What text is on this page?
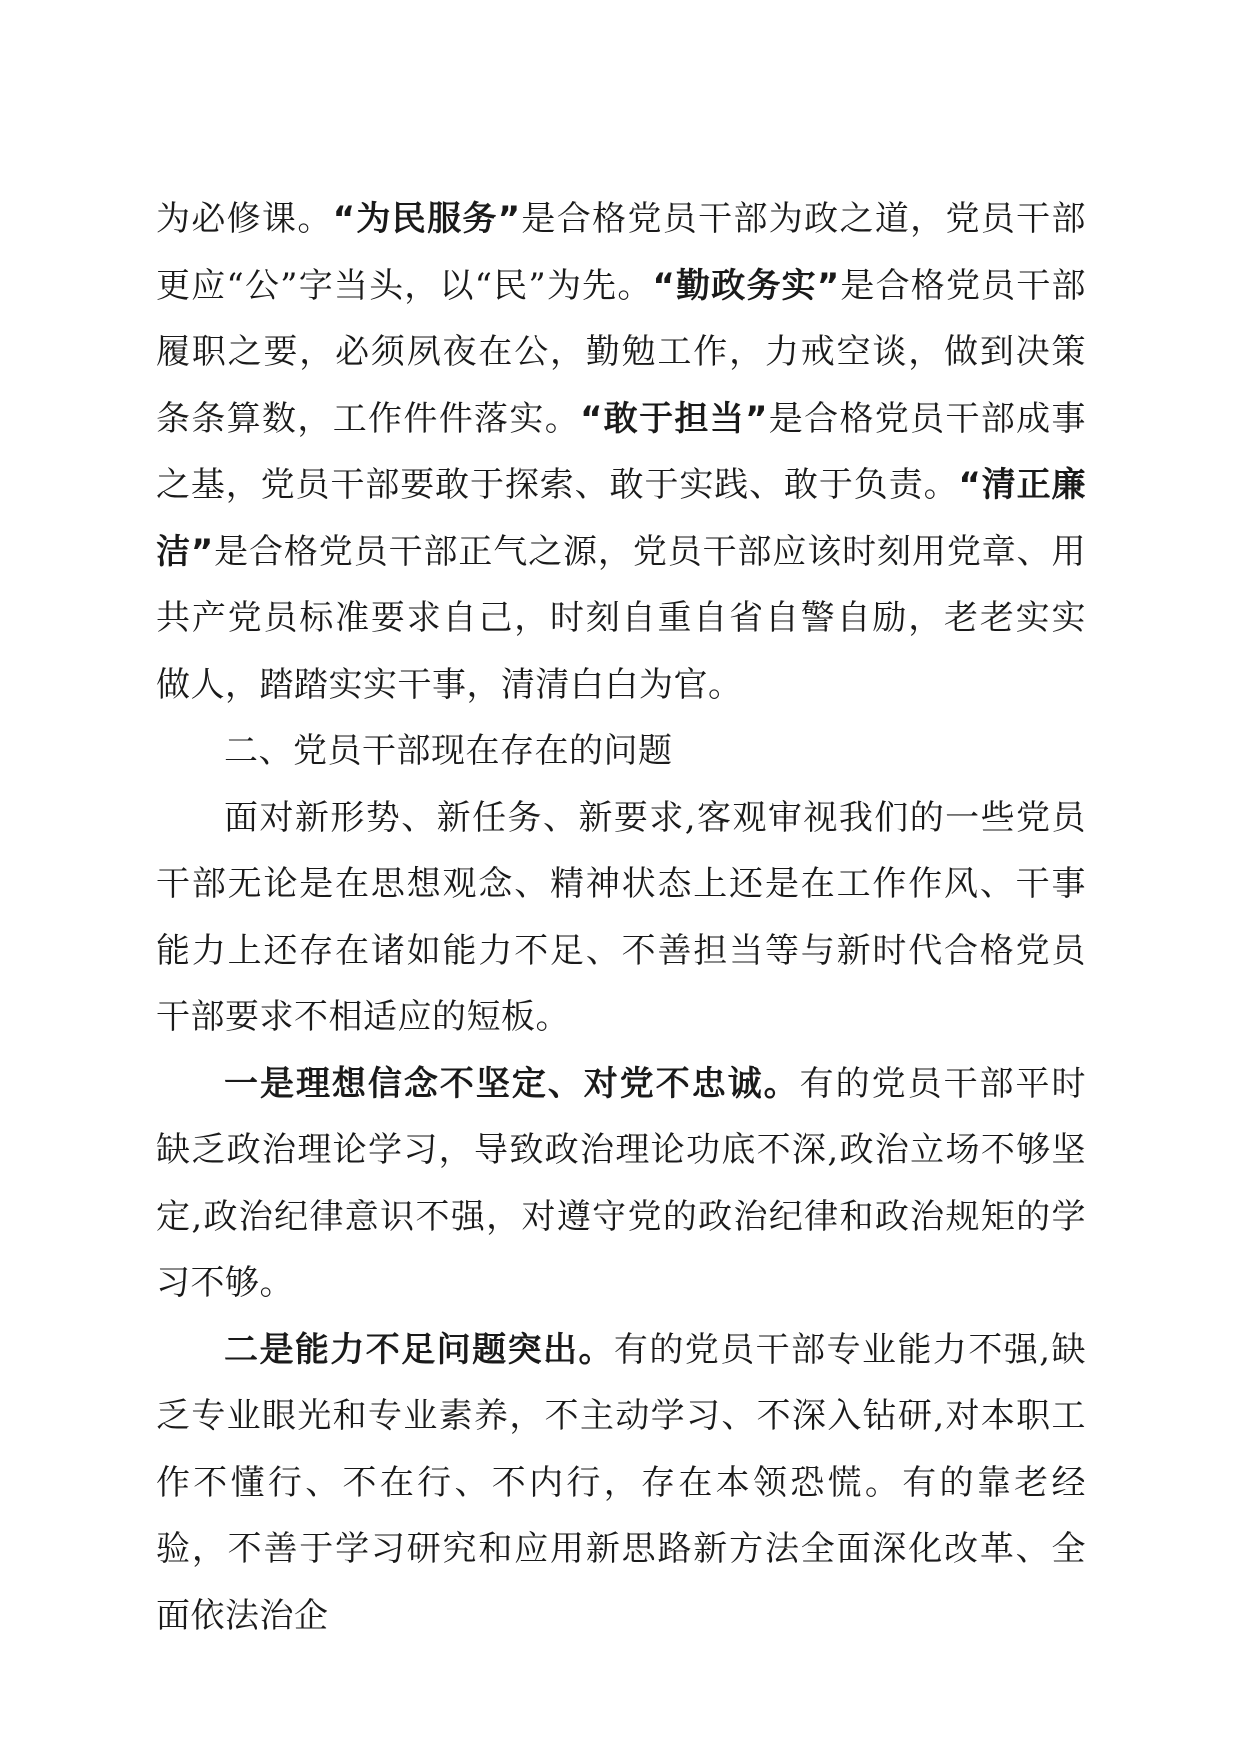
为必修课。“为民服务”是合格党员干部为政之道，党员干部更应“公”字当头，以“民”为先。“勤政务实”是合格党员干部履职之要，必须夙夜在公，勤勉工作，力戒空谈，做到决策条条算数，工作件件落实。“敢于担当”是合格党员干部成事之基，党员干部要敢于探索、敢于实践、敢于负责。“清正廉洁”是合格党员干部正气之源，党员干部应该时刻用党章、用共产党员标准要求自己，时刻自重自省自警自励，老老实实做人，踏踏实实干事，清清白白为官。

二、党员干部现在存在的问题

面对新形势、新任务、新要求,客观审视我们的一些党员干部无论是在思想观念、精神状态上还是在工作作风、干事能力上还存在诸如能力不足、不善担当等与新时代合格党员干部要求不相适应的短板。

一是理想信念不坚定、对党不忠诚。有的党员干部平时缺乏政治理论学习，导致政治理论功底不深,政治立场不够坚定,政治纪律意识不强，对遵守党的政治纪律和政治规矩的学习不够。

二是能力不足问题突出。有的党员干部专业能力不强,缺乏专业眼光和专业素养，不主动学习、不深入钻研,对本职工作不懂行、不在行、不内行，存在本领恐慌。有的靠老经验，不善于学习研究和应用新思路新方法全面深化改革、全面依法治企
